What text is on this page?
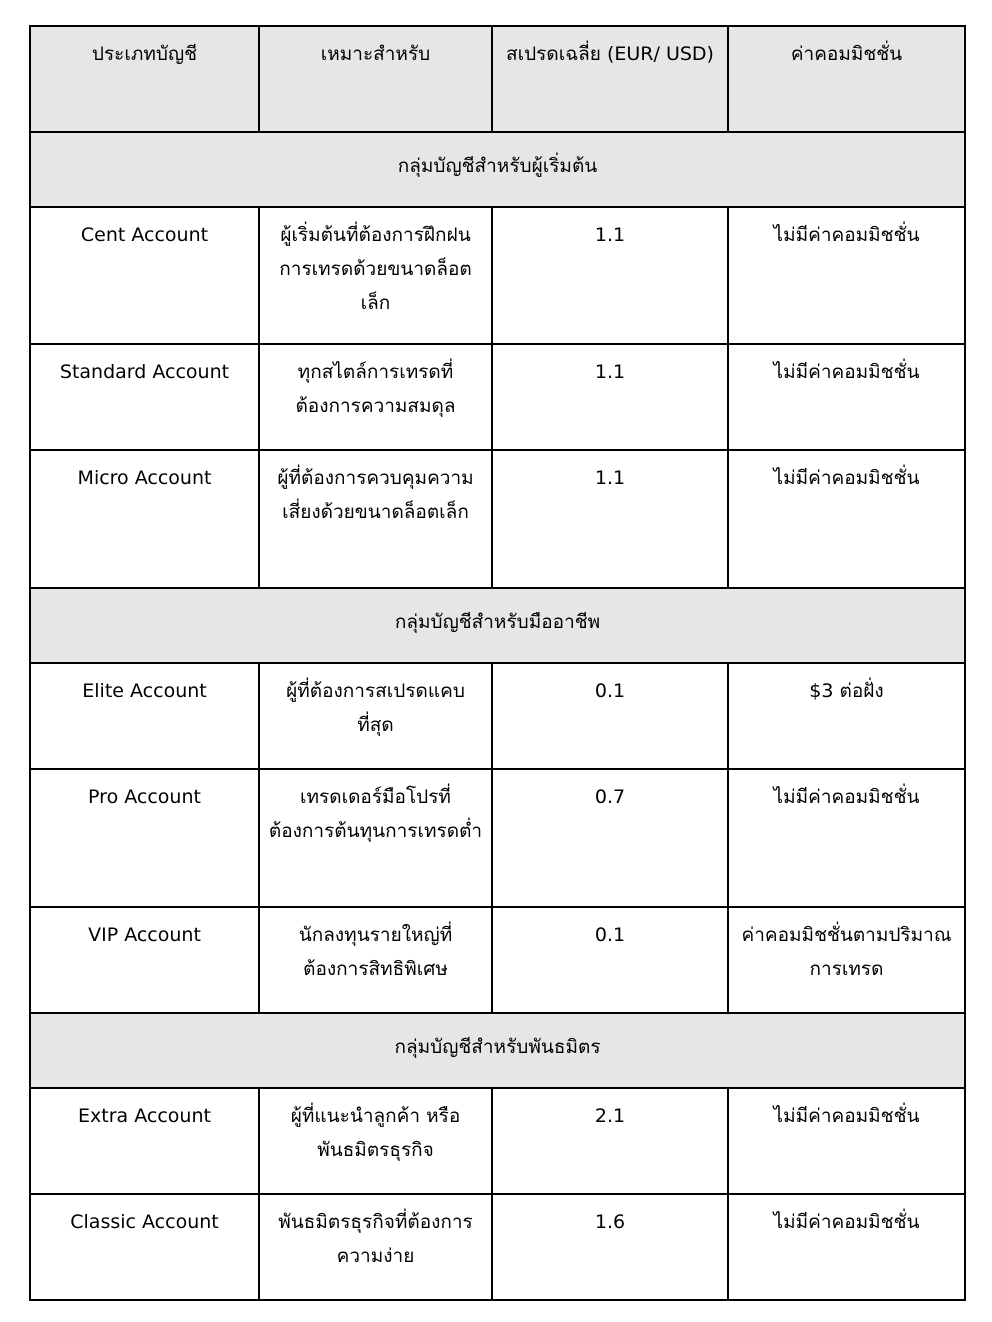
ประเภทบัญชี	เหมาะสำหรับ	สเปรดเฉลี่ย (EUR/ USD)	ค่าคอมมิชชั่น
กลุ่มบัญชีสำหรับผู้เริ่มต้น			
Cent Account	ผู้เริ่มต้นที่ต้องการฝึกฝนการเทรดด้วยขนาดล็อตเล็ก	1.1	ไม่มีค่าคอมมิชชั่น
Standard Account	ทุกสไตล์การเทรดที่ต้องการความสมดุล	1.1	ไม่มีค่าคอมมิชชั่น
Micro Account	ผู้ที่ต้องการควบคุมความเสี่ยงด้วยขนาดล็อตเล็ก	1.1	ไม่มีค่าคอมมิชชั่น
กลุ่มบัญชีสำหรับมืออาชีพ			
Elite Account	ผู้ที่ต้องการสเปรดแคบที่สุด	0.1	$3 ต่อฝั่ง
Pro Account	เทรดเดอร์มือโปรที่ต้องการต้นทุนการเทรดต่ำ	0.7	ไม่มีค่าคอมมิชชั่น
VIP Account	นักลงทุนรายใหญ่ที่ต้องการสิทธิพิเศษ	0.1	ค่าคอมมิชชั่นตามปริมาณการเทรด
กลุ่มบัญชีสำหรับพันธมิตร			
Extra Account	ผู้ที่แนะนำลูกค้า หรือพันธมิตรธุรกิจ	2.1	ไม่มีค่าคอมมิชชั่น
Classic Account	พันธมิตรธุรกิจที่ต้องการความง่าย	1.6	ไม่มีค่าคอมมิชชั่น
